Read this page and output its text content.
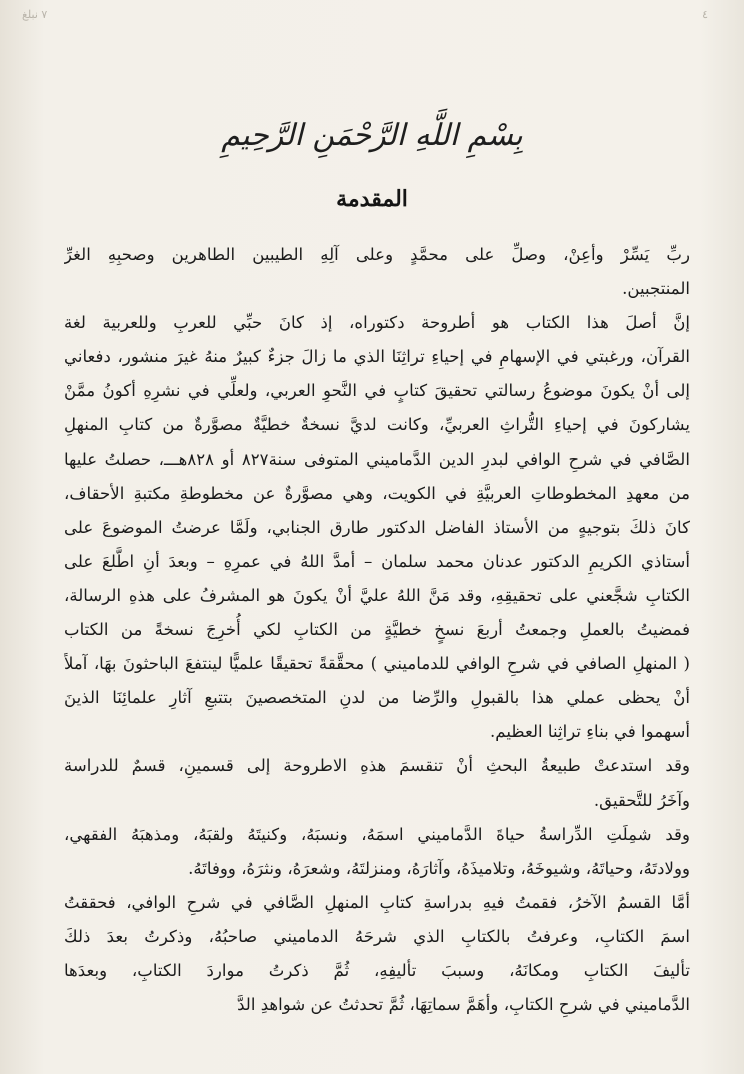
٧ نبلغ	٤
بِسْمِ اللَّهِ الرَّحْمَنِ الرَّحِيمِ
المقدمة
ربِّ يَسِّرْ وأعِنْ، وصلِّ على محمَّدٍ وعلى آلِهِ الطيبين الطاهرين وصحبِهِ الغرِّ
المنتجبين.
إنَّ أصلَ هذا الكتاب هو أطروحة دكتوراه، إذ كانَ حبِّي للعربِ وللعربية لغة
القرآن، ورغبتي في الإسهامِ في إحياءِ تراثِنَا الذي ما زالَ جزءٌ كبيرٌ منهُ غيرَ منشور، دفعاني
إلى أنْ يكونَ موضوعُ رسالتي تحقيقَ كتابٍ في النَّحوِ العربي، ولعلِّي في نشرِهِ أكونُ ممَّنْ
يشاركونَ في إحياءِ التُّراثِ العربيِّ، وكانت لديَّ نسخةٌ خطيَّةٌ مصوَّرةٌ من كتابِ المنهلِ
الصَّافي في شرحِ الوافي لبدرِ الدين الدَّماميني المتوفى سنة٨٢٧ أو ٨٢٨هـــ، حصلتُ عليها
من معهدِ المخطوطاتِ العربيَّةِ في الكويت، وهي مصوَّرةٌ عن مخطوطةِ مكتبةِ الأحقاف،
كانَ ذلكَ بتوجيهٍ من الأستاذ الفاضل الدكتور طارق الجنابي، ولَمَّا عرضتُ الموضوعَ على
أستاذي الكريمِ الدكتور عدنان محمد سلمان – أمدَّ اللهُ في عمرِهِ – وبعدَ أنِ اطَّلعَ على
الكتابِ شجَّعني على تحقيقِهِ، وقد مَنَّ اللهُ عليَّ أنْ يكونَ هو المشرفُ على هذهِ الرسالة،
فمضيتُ بالعملِ وجمعتُ أربعَ نسخٍ خطيَّةٍ من الكتابِ لكي أُخرِجَ نسخةً من الكتاب
( المنهلِ الصافي في شرحِ الوافي للدماميني ) محقَّقةً تحقيقًا علميًّا لينتفعَ الباحثونَ بهَا، آملاً
أنْ يحظى عملي هذا بالقبولِ والرِّضا من لدنِ المتخصصينَ بتتبعِ آثارِ علمائِنَا الذينَ
أسهموا في بناءِ تراثِنا العظيم.
وقد استدعتْ طبيعةُ البحثِ أنْ تنقسمَ هذهِ الاطروحة إلى قسمينِ، قسمٌ للدراسة
وآخَرُ للتَّحقيق.
وقد شمِلَتِ الدِّراسةُ حياةَ الدَّماميني اسمَهُ، ونسبَهُ، وكنيتَهُ ولقبَهُ، ومذهبَهُ الفقهي،
وولادتَهُ، وحياتَهُ، وشيوخَهُ، وتلاميذَهُ، وآثارَهُ، ومنزلتَهُ، وشعرَهُ، ونثرَهُ، ووفاتَهُ.
أمَّا القسمُ الآخرُ، فقمتُ فيهِ بدراسةِ كتابِ المنهلِ الصَّافي في شرحِ الوافي، فحققتُ
اسمَ الكتابِ، وعرفتُ بالكتابِ الذي شرحَهُ الدماميني صاحبُهُ، وذكرتُ بعدَ ذلكَ
تأليفَ الكتابِ ومكانَهُ، وسببَ تأليفِهِ، ثُمَّ ذكرتُ مواردَ الكتابِ، وبعدَها
الدَّماميني في شرحِ الكتابِ، وأهَمَّ سماتِهَا، ثُمَّ تحدثتُ عن شواهدِ الدَّ
